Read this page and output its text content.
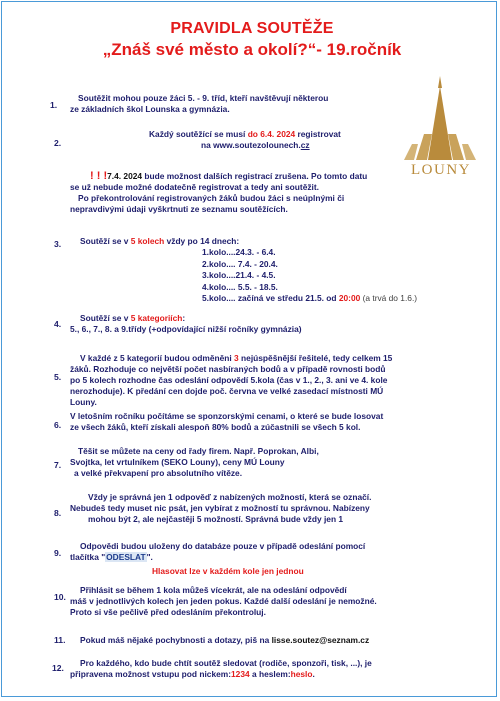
PRAVIDLA SOUTĚŽE
„Znáš své město a okolí?“- 19.ročník
LOUNY
1.
Soutěžit mohou pouze žáci 5. - 9. tříd, kteří navštěvují některou
ze základních škol Lounska a gymnázia.
2.
Každý soutěžící se musí do 6.4. 2024 registrovat
na www.soutezolounech.cz
! ! !7.4. 2024 bude možnost dalších registrací zrušena. Po tomto datu
se už nebude možné dodatečně registrovat a tedy ani soutěžit.
Po překontrolování registrovaných žáků budou žáci s neúplnými či
nepravdivými údaji vyškrtnuti ze seznamu soutěžících.
3. Soutěží se v 5 kolech vždy po 14 dnech:
1.kolo....24.3. - 6.4.
2.kolo.... 7.4. - 20.4.
3.kolo....21.4. - 4.5.
4.kolo.... 5.5. - 18.5.
5.kolo.... začíná ve středu 21.5. od 20:00 (a trvá do 1.6.)
4.
Soutěží se v 5 kategoriích:
5., 6., 7., 8. a 9.třídy (+odpovídající nižší ročníky gymnázia)
5.
V každé z 5 kategorií budou odměněni 3 nejúspěšnější řešitelé, tedy celkem 15
žáků. Rozhoduje co největší počet nasbíraných bodů a v případě rovnosti bodů
po 5 kolech rozhodne čas odeslání odpovědí 5.kola (čas v 1., 2., 3. ani ve 4. kole
nerozhoduje). K předání cen dojde poč. června ve velké zasedací místnosti MÚ
Louny.
6.
V letošním ročníku počítáme se sponzorskými cenami, o které se bude losovat
ze všech žáků, kteří získali alespoň 80% bodů a zúčastnili se všech 5 kol.
7.
Těšit se můžete na ceny od řady firem. Např. Poprokan, Albi,
Svojtka, let vrtulníkem (SEKO Louny), ceny MÚ Louny
a velké překvapení pro absolutního vítěze.
8.
Vždy je správná jen 1 odpověď z nabízených možností, která se označí.
Nebudeš tedy muset nic psát, jen vybírat z možností tu správnou. Nabízeny
mohou být 2, ale nejčastěji 5 možností. Správná bude vždy jen 1
9.
Odpovědi budou uloženy do databáze pouze v případě odeslání pomocí
tlačítka "ODESLAT".
Hlasovat lze v každém kole jen jednou
10.
Přihlásit se během 1 kola můžeš vícekrát, ale na odeslání odpovědí
máš v jednotlivých kolech jen jeden pokus. Každé další odeslání je nemožné.
Proto si vše pečlivě před odesláním překontroluj.
11. Pokud máš nějaké pochybnosti a dotazy, piš na lisse.soutez@seznam.cz
12.	Pro každého, kdo bude chtít soutěž sledovat (rodiče, sponzoři, tisk, ...), je
připravena možnost vstupu pod nickem:1234 a heslem:heslo.
